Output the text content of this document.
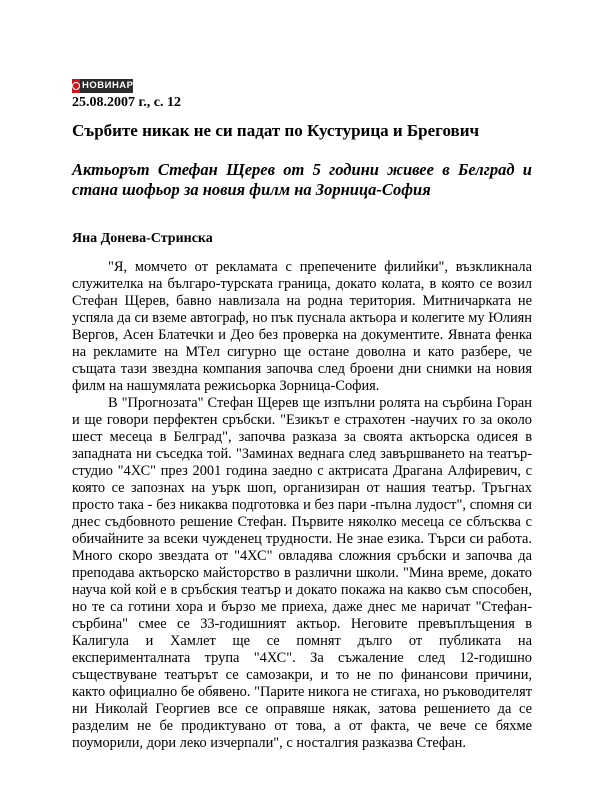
НОВИНАР
25.08.2007 г., с. 12
Сърбите никак не си падат по Кустурица и Брегович
Актьорът Стефан Щерев от 5 години живее в Белград и стана шофьор за новия филм на Зорница-София
Яна Донева-Стринска

"Я, момчето от рекламата с препечените филийки", възкликнала служителка на българо-турската граница, докато колата, в която се возил Стефан Щерев, бавно навлизала на родна територия. Митничарката не успяла да си вземе автограф, но пък пуснала актьора и колегите му Юлиян Вергов, Асен Блатечки и Део без проверка на документите. Явната фенка на рекламите на МТел сигурно ще остане доволна и като разбере, че същата тази звездна компания започва след броени дни снимки на новия филм на нашумялата режисьорка Зорница-София.

В "Прогнозата" Стефан Щерев ще изпълни ролята на сърбина Горан и ще говори перфектен сръбски. "Езикът е страхотен -научих го за около шест месеца в Белград", започва разказа за своята актьорска одисея в западната ни съседка той. "Заминах веднага след завършването на театър-студио "4ХС" през 2001 година заедно с актрисата Драгана Алфиревич, с която се запознах на уърк шоп, организиран от нашия театър. Тръгнах просто така - без никаква подготовка и без пари -пълна лудост", спомня си днес съдбовното решение Стефан. Първите няколко месеца се сблъсква с обичайните за всеки чужденец трудности. Не знае езика. Търси си работа. Много скоро звездата от "4ХС" овладява сложния сръбски и започва да преподава актьорско майсторство в различни школи. "Мина време, докато науча кой кой е в сръбския театър и докато покажа на какво съм способен, но те са готини хора и бързо ме приеха, даже днес ме наричат "Стефан-сърбина" смее се 33-годишният актьор. Неговите превъплъщения в Калигула и Хамлет ще се помнят дълго от публиката на експерименталната трупа "4ХС". За съжаление след 12-годишно съществуване театърът се самозакри, и то не по финансови причини, както официално бе обявено. "Парите никога не стигаха, но ръководителят ни Николай Георгиев все се оправяше някак, затова решението да се разделим не бе продиктувано от това, а от факта, че вече се бяхме поуморили, дори леко изчерпали", с носталгия разказва Стефан.
